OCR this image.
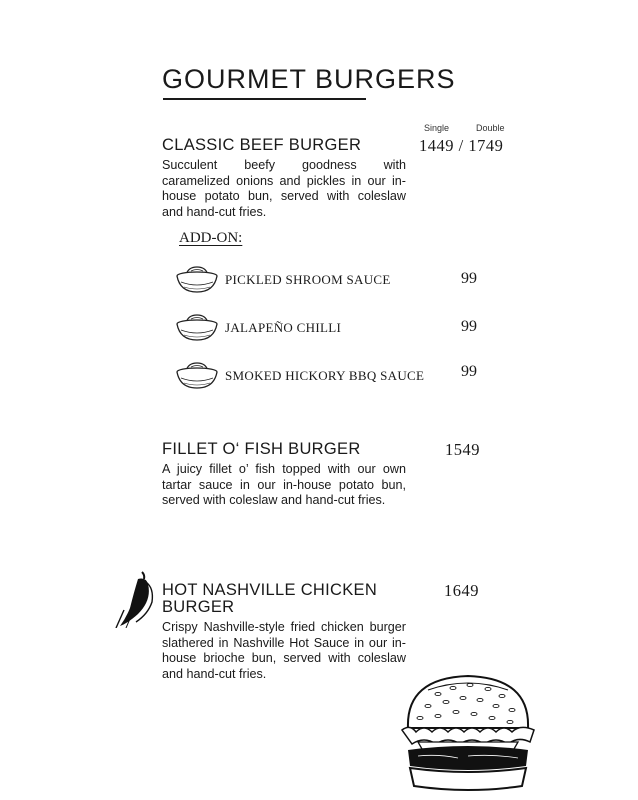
GOURMET BURGERS
Single	Double
CLASSIC BEEF BURGER	1449 / 1749

Succulent beefy goodness with caramelized onions and pickles in our in-house potato bun, served with coleslaw and hand-cut fries.

ADD-ON:
PICKLED SHROOM SAUCE	99
JALAPEÑO CHILLI	99
SMOKED HICKORY BBQ SAUCE 99
FILLET O‘ FISH BURGER	1549

A juicy fillet o’ fish topped with our own tartar sauce in our in-house potato bun, served with coleslaw and hand-cut fries.

HOT NASHVILLE CHICKEN
BURGER
1649

Crispy Nashville-style fried chicken burger slathered in Nashville Hot Sauce in our in-house brioche bun, served with coleslaw and hand-cut fries.
